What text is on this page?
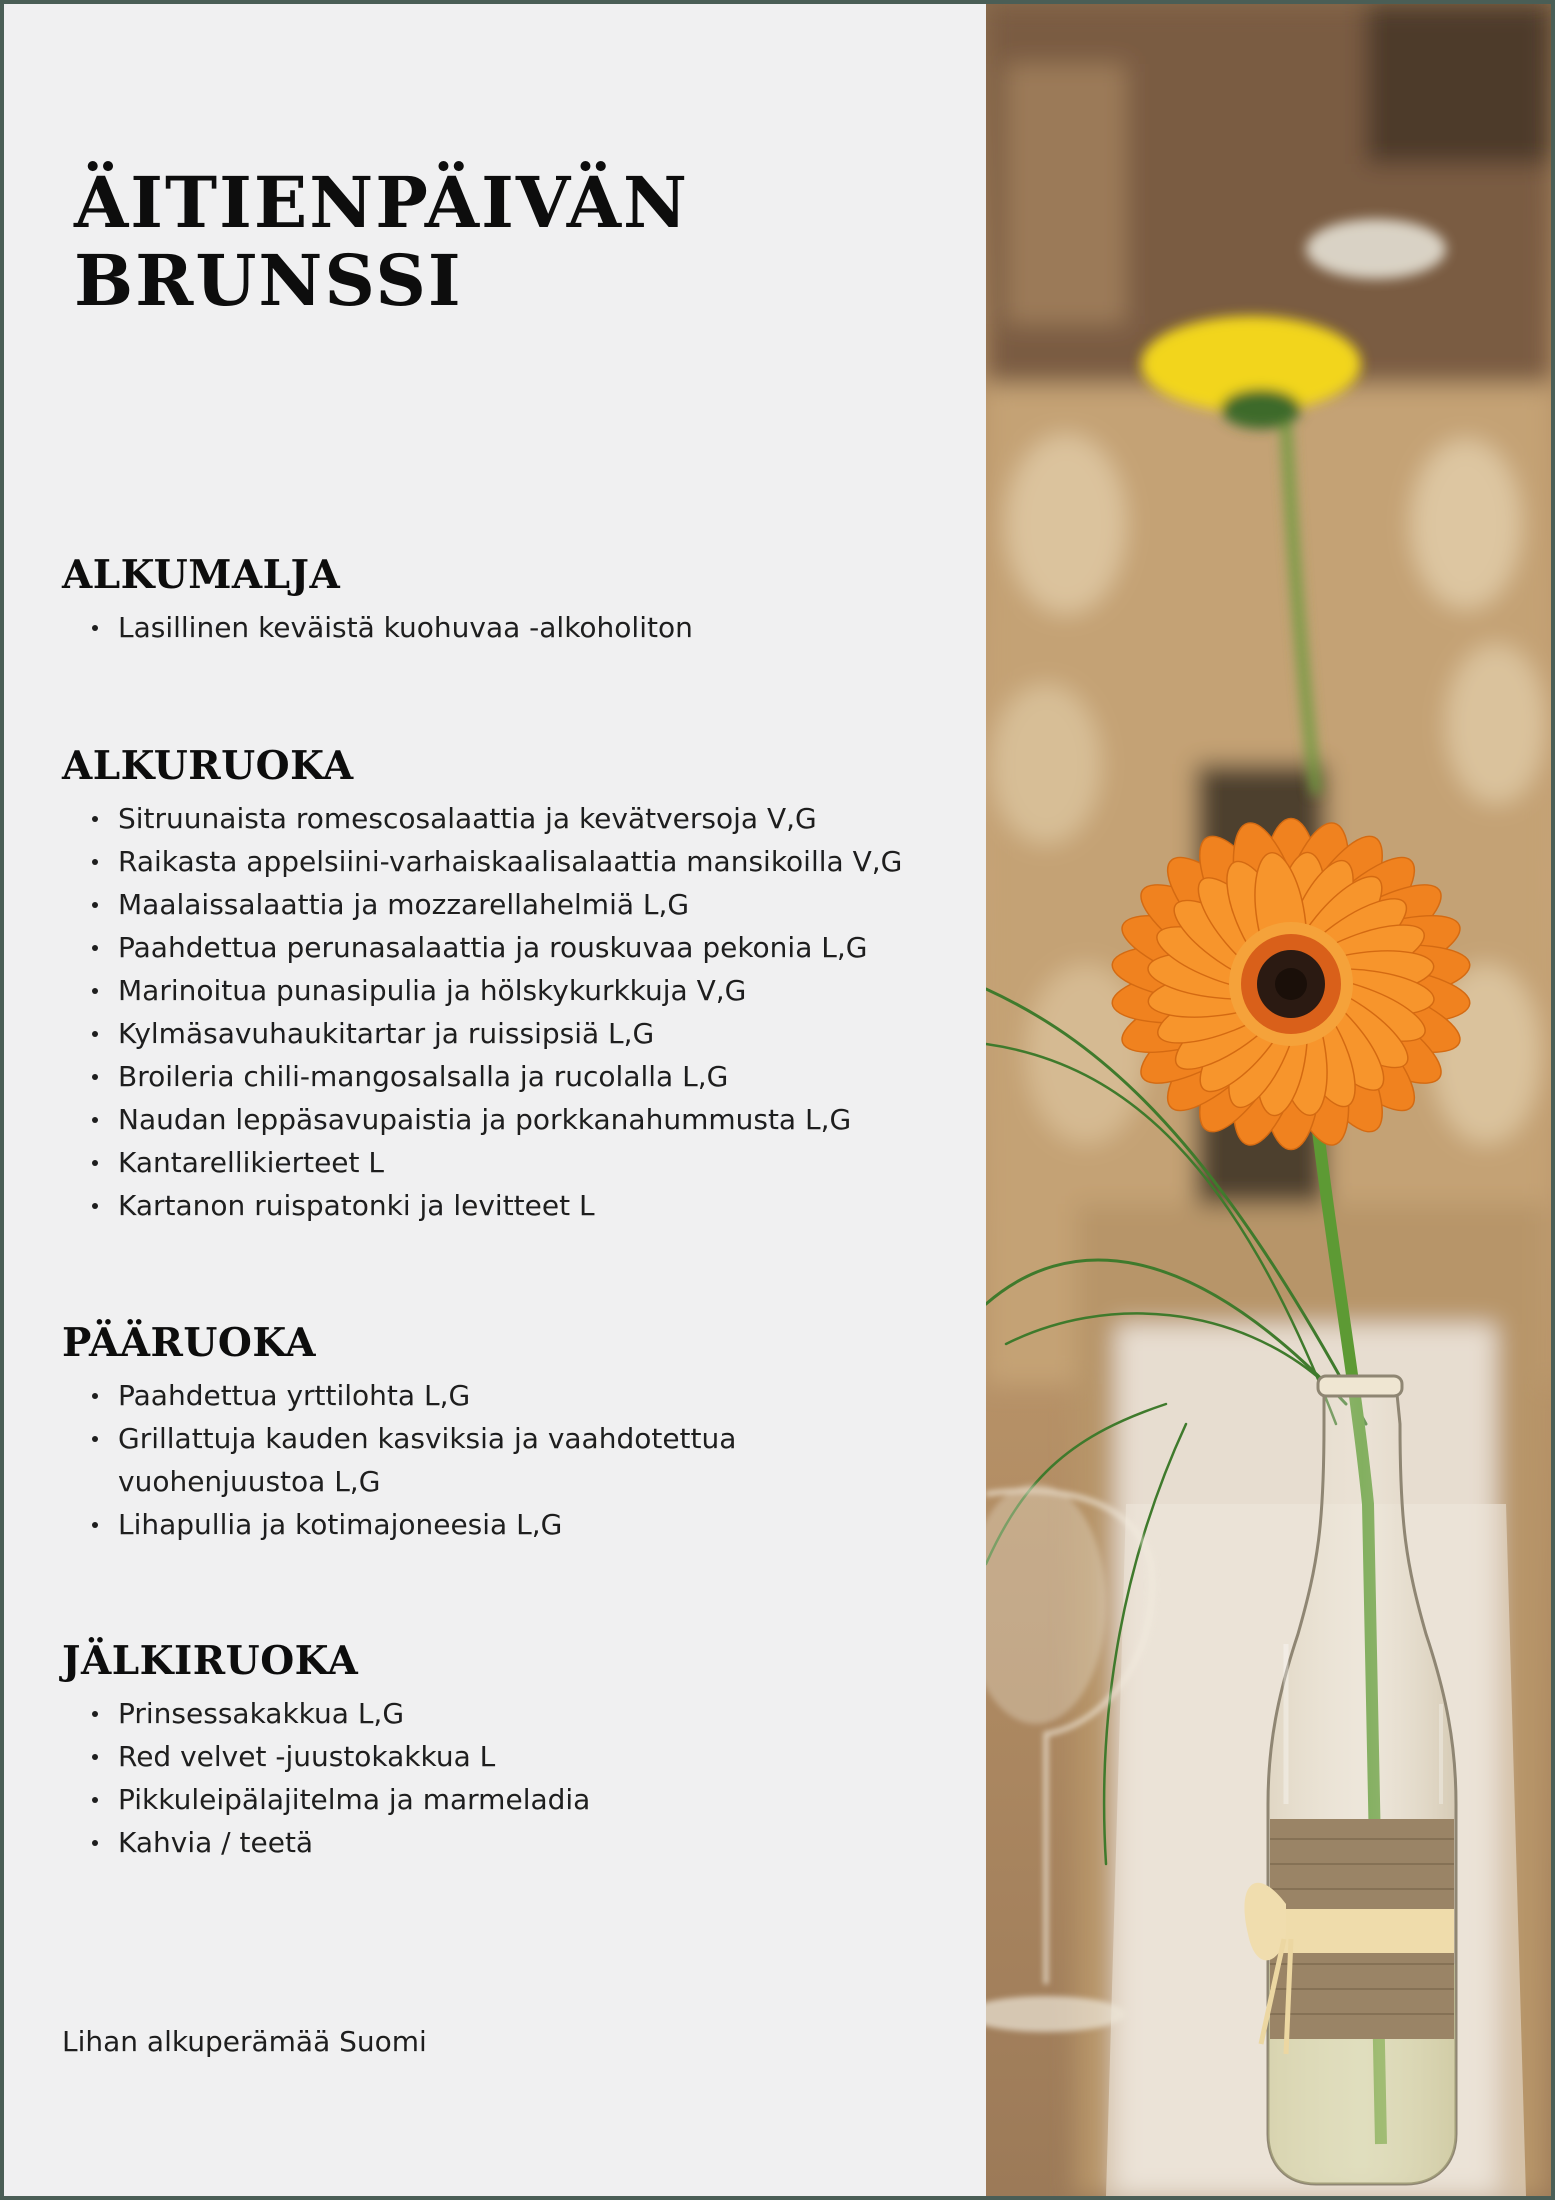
ÄITIENPÄIVÄN
BRUNSSI
ALKUMALJA
Lasillinen keväistä kuohuvaa -alkoholiton
ALKURUOKA
Sitruunaista romescosalaattia ja kevätversoja V,G
Raikasta appelsiini-varhaiskaalisalaattia mansikoilla V,G
Maalaissalaattia ja mozzarellahelmiä L,G
Paahdettua perunasalaattia ja rouskuvaa pekonia L,G
Marinoitua punasipulia ja hölskykurkkuja V,G
Kylmäsavuhaukitartar ja ruissipsiä L,G
Broileria chili-mangosalsalla ja rucolalla L,G
Naudan leppäsavupaistia ja porkkanahummusta L,G
Kantarellikierteet L
Kartanon ruispatonki ja levitteet L
PÄÄRUOKA
Paahdettua yrttilohta L,G
Grillattuja kauden kasviksia ja vaahdotettua vuohenjuustoa L,G
Lihapullia ja kotimajoneesia L,G
JÄLKIRUOKA
Prinsessakakkua L,G
Red velvet -juustokakkua L
Pikkuleipälajitelma ja marmeladia
Kahvia / teetä
Lihan alkuperämää Suomi
